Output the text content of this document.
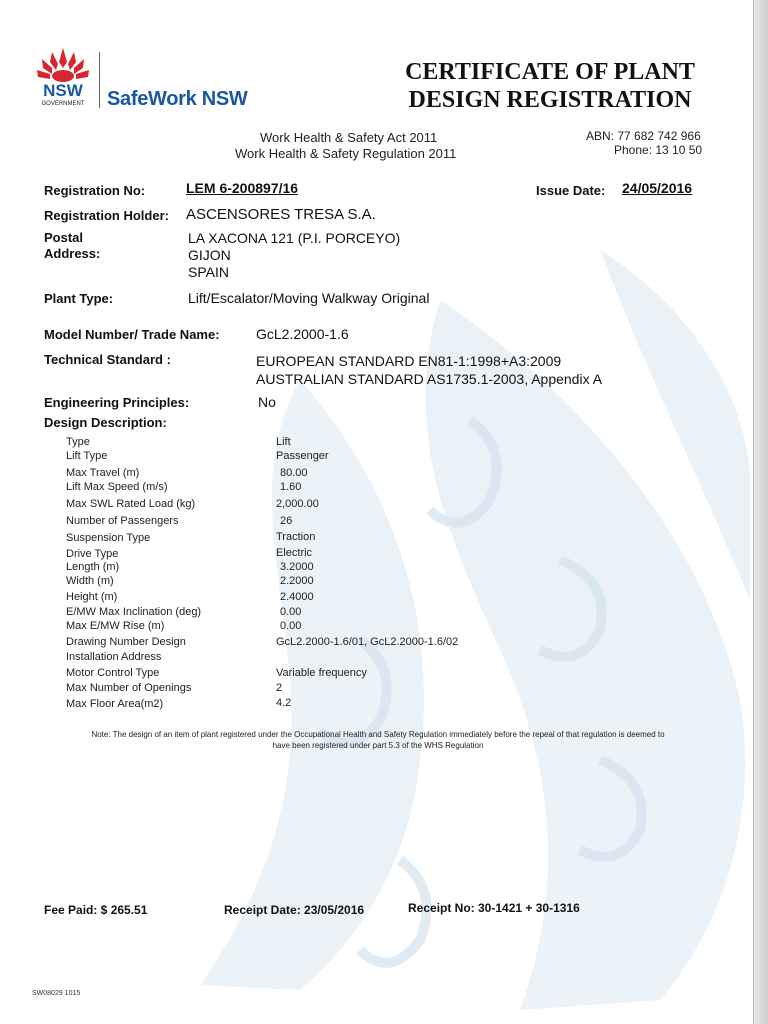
NSW
GOVERNMENT SafeWork NSW
CERTIFICATE OF PLANT
DESIGN REGISTRATION
Work Health & Safety Act 2011
Work Health & Safety Regulation 2011
ABN: 77 682 742 966
Phone: 13 10 50
Registration No:	LEM 6-200897/16	Issue Date: 24/05/2016
Registration Holder: ASCENSORES TRESA S.A.
Postal
Address:
LA XACONA 121 (P.I. PORCEYO)
GIJON
SPAIN
Plant Type:	Lift/Escalator/Moving Walkway Original
Model Number/ Trade Name:	GcL2.2000-1.6
Technical Standard :	EUROPEAN STANDARD EN81-1:1998+A3:2009
AUSTRALIAN STANDARD AS1735.1-2003, Appendix A
Engineering Principles:	No
Design Description:
Type	Lift
Lift Type	Passenger
Max Travel (m)	80.00
Lift Max Speed (m/s)	1.60
Max SWL Rated Load (kg)	2,000.00
Number of Passengers	26
Suspension Type	Traction
Drive Type	Electric
Length (m)	3.2000
Width (m)	2.2000
Height (m)	2.4000
E/MW Max Inclination (deg)	0.00
Max E/MW Rise (m)	0.00
Drawing Number Design	GcL2.2000-1.6/01, GcL2.2000-1.6/02
Installation Address
Motor Control Type	Variable frequency
Max Number of Openings	2
Max Floor Area(m2)	4.2
Note: The design of an item of plant registered under the Occupational Health and Safety Regulation immediately before the repeal of that regulation is deemed to
have been registered under part 5.3 of the WHS Regulation
Fee Paid: $ 265.51	Receipt Date: 23/05/2016	Receipt No: 30-1421 + 30-1316
SW08029 1015
